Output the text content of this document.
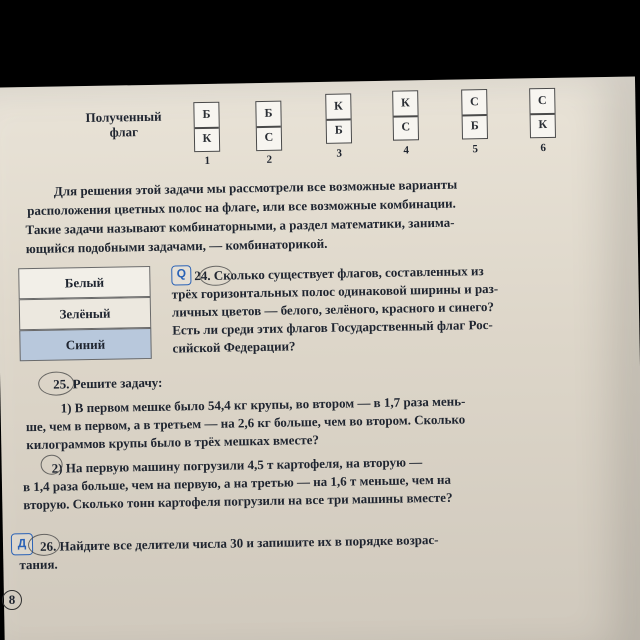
Полученный
флаг
Б
К
1
Б
С
2
К
Б
3
К
С
4
С
Б
5
С
К
6
Для решения этой задачи мы рассмотрели все возможные варианты
расположения цветных полос на флаге, или все возможные комбинации.
Такие задачи называют комбинаторными, а раздел математики, занима-
ющийся подобными задачами, — комбинаторикой.
Белый
Зелёный
Синий
Q 24. Сколько существует флагов, составленных из
трёх горизонтальных полос одинаковой ширины и раз-
личных цветов — белого, зелёного, красного и синего?
Есть ли среди этих флагов Государственный флаг Рос-
сийской Федерации?
25. Решите задачу:
1) В первом мешке было 54,4 кг крупы, во втором — в 1,7 раза мень-
ше, чем в первом, а в третьем — на 2,6 кг больше, чем во втором. Сколько
килограммов крупы было в трёх мешках вместе?
2) На первую машину погрузили 4,5 т картофеля, на вторую —
в 1,4 раза больше, чем на первую, а на третью — на 1,6 т меньше, чем на
вторую. Сколько тонн картофеля погрузили на все три машины вместе?
Д	26. Найдите все делители числа 30 и запишите их в порядке возрас-
тания.
8
